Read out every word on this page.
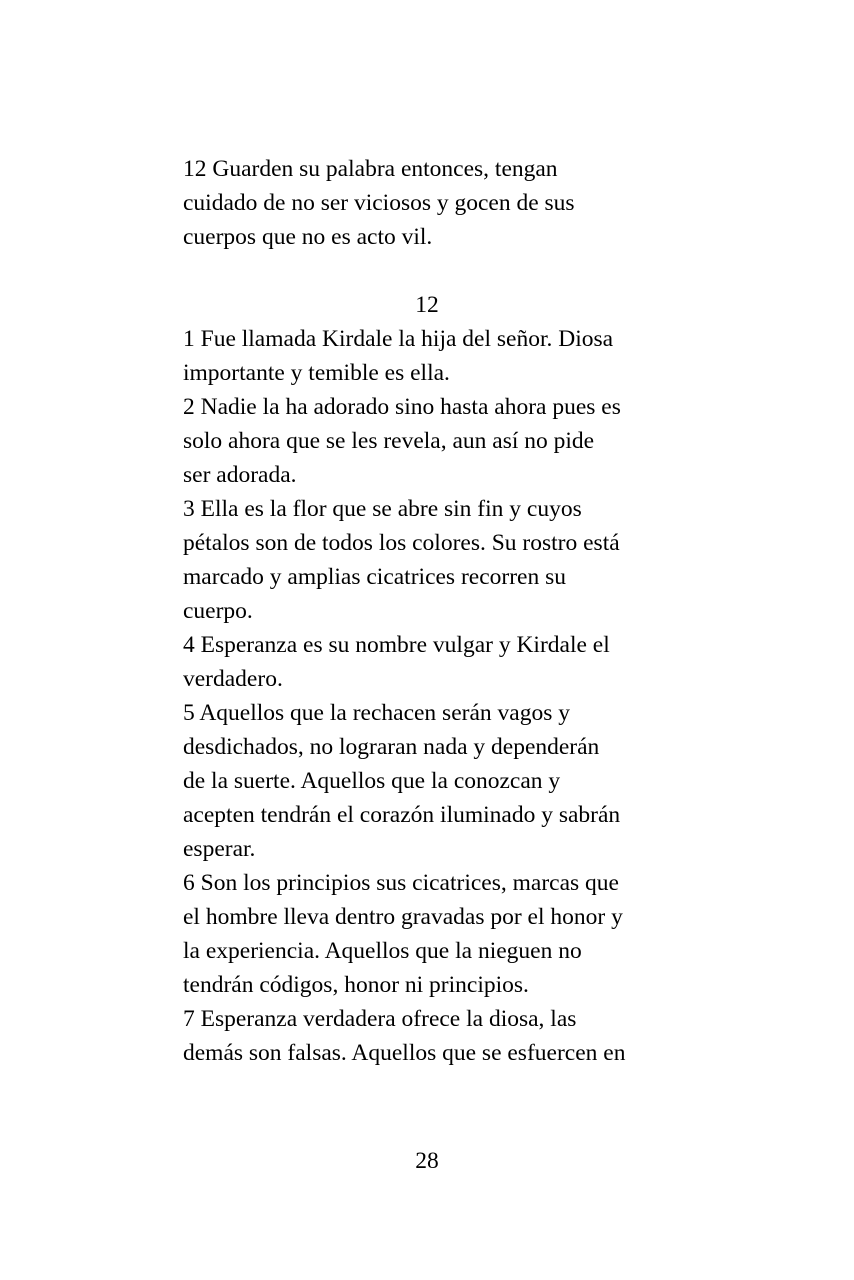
12 Guarden su palabra entonces, tengan
cuidado de no ser viciosos y gocen de sus
cuerpos que no es acto vil.
12
1 Fue llamada Kirdale la hija del señor. Diosa
importante y temible es ella.
2 Nadie la ha adorado sino hasta ahora pues es
solo ahora que se les revela, aun así no pide
ser adorada.
3 Ella es la flor que se abre sin fin y cuyos
pétalos son de todos los colores. Su rostro está
marcado y amplias cicatrices recorren su
cuerpo.
4 Esperanza es su nombre vulgar y Kirdale el
verdadero.
5 Aquellos que la rechacen serán vagos y
desdichados, no lograran nada y dependerán
de la suerte. Aquellos que la conozcan y
acepten tendrán el corazón iluminado y sabrán
esperar.
6 Son los principios sus cicatrices, marcas que
el hombre lleva dentro gravadas por el honor y
la experiencia. Aquellos que la nieguen no
tendrán códigos, honor ni principios.
7 Esperanza verdadera ofrece la diosa, las
demás son falsas. Aquellos que se esfuercen en
28
